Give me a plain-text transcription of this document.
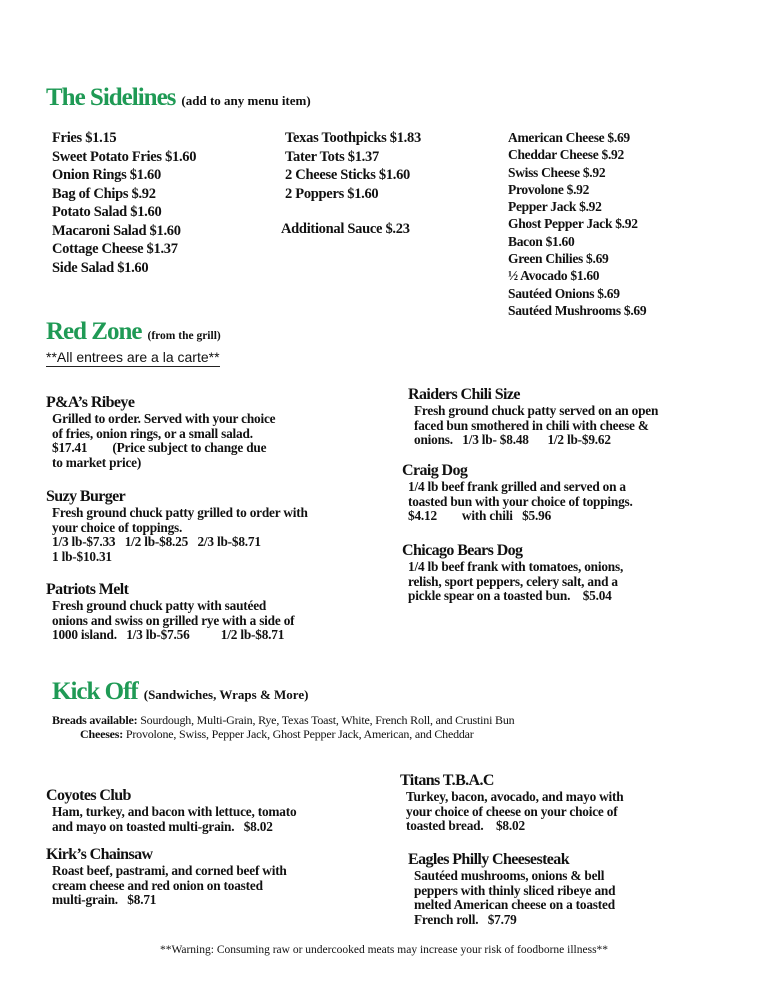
The Sidelines (add to any menu item)
Fries $1.15
Sweet Potato Fries $1.60
Onion Rings $1.60
Bag of Chips $.92
Potato Salad $1.60
Macaroni Salad $1.60
Cottage Cheese $1.37
Side Salad $1.60
Texas Toothpicks $1.83
Tater Tots $1.37
2 Cheese Sticks $1.60
2 Poppers $1.60
Additional Sauce $.23
American Cheese $.69
Cheddar Cheese $.92
Swiss Cheese $.92
Provolone $.92
Pepper Jack $.92
Ghost Pepper Jack $.92
Bacon $1.60
Green Chilies $.69
½ Avocado $1.60
Sautéed Onions $.69
Sautéed Mushrooms $.69
Red Zone (from the grill)
**All entrees are a la carte**
P&A’s Ribeye
Grilled to order. Served with your choice
of fries, onion rings, or a small salad.
$17.41        (Price subject to change due
to market price)
Suzy Burger
Fresh ground chuck patty grilled to order with
your choice of toppings.
1/3 lb-$7.33   1/2 lb-$8.25   2/3 lb-$8.71
1 lb-$10.31
Patriots Melt
Fresh ground chuck patty with sautéed
onions and swiss on grilled rye with a side of
1000 island.   1/3 lb-$7.56          1/2 lb-$8.71
Raiders Chili Size
Fresh ground chuck patty served on an open
faced bun smothered in chili with cheese &
onions.   1/3 lb- $8.48      1/2 lb-$9.62
Craig Dog
1/4 lb beef frank grilled and served on a
toasted bun with your choice of toppings.
$4.12        with chili   $5.96
Chicago Bears Dog
1/4 lb beef frank with tomatoes, onions,
relish, sport peppers, celery salt, and a
pickle spear on a toasted bun.    $5.04
Kick Off (Sandwiches, Wraps & More)
Breads available: Sourdough, Multi-Grain, Rye, Texas Toast, White, French Roll, and Crustini Bun
Cheeses: Provolone, Swiss, Pepper Jack, Ghost Pepper Jack, American, and Cheddar
Coyotes Club
Ham, turkey, and bacon with lettuce, tomato
and mayo on toasted multi-grain.   $8.02
Kirk’s Chainsaw
Roast beef, pastrami, and corned beef with
cream cheese and red onion on toasted
multi-grain.   $8.71
Titans T.B.A.C
Turkey, bacon, avocado, and mayo with
your choice of cheese on your choice of
toasted bread.    $8.02
Eagles Philly Cheesesteak
Sautéed mushrooms, onions & bell
peppers with thinly sliced ribeye and
melted American cheese on a toasted
French roll.   $7.79
**Warning: Consuming raw or undercooked meats may increase your risk of foodborne illness**
